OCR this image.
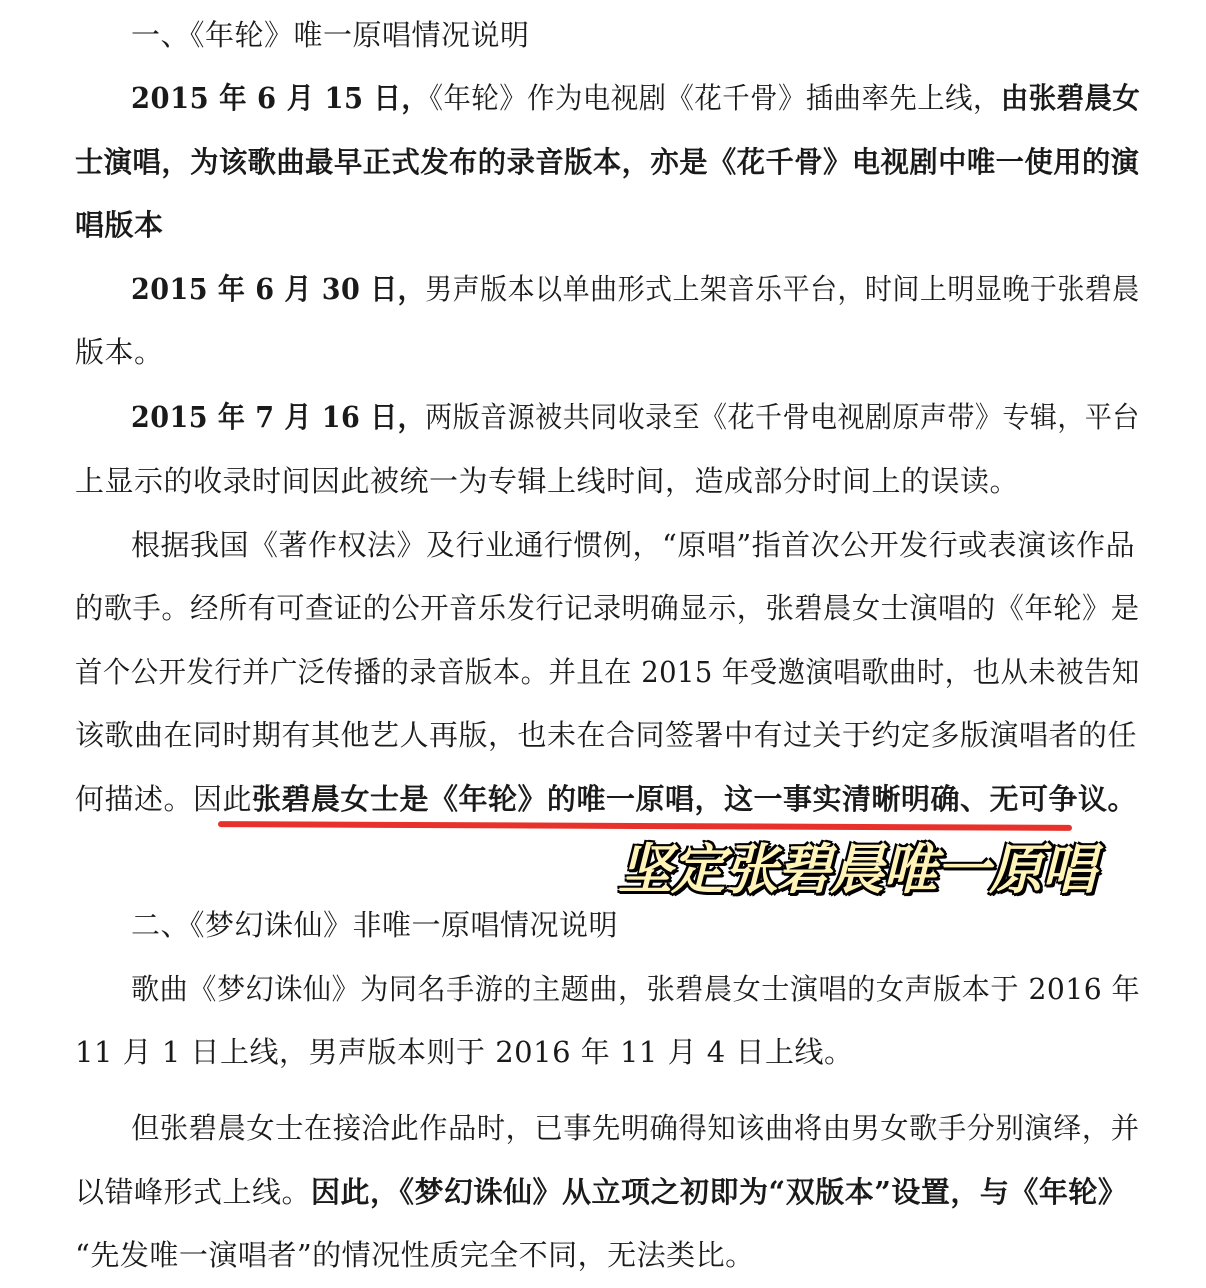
一、《年轮》唯一原唱情况说明

2015 年 6 月 15 日，《年轮》作为电视剧《花千骨》插曲率先上线，由张碧晨女

士演唱，为该歌曲最早正式发布的录音版本，亦是《花千骨》电视剧中唯一使用的演

唱版本

2015 年 6 月 30 日，男声版本以单曲形式上架音乐平台，时间上明显晚于张碧晨

版本。

2015 年 7 月 16 日，两版音源被共同收录至《花千骨电视剧原声带》专辑，平台

上显示的收录时间因此被统一为专辑上线时间，造成部分时间上的误读。

根据我国《著作权法》及行业通行惯例，“原唱”指首次公开发行或表演该作品

的歌手。经所有可查证的公开音乐发行记录明确显示，张碧晨女士演唱的《年轮》是

首个公开发行并广泛传播的录音版本。并且在 2015 年受邀演唱歌曲时，也从未被告知

该歌曲在同时期有其他艺人再版，也未在合同签署中有过关于约定多版演唱者的任

何描述。因此张碧晨女士是《年轮》的唯一原唱，这一事实清晰明确、无可争议。

坚定张碧晨唯一原唱

二、《梦幻诛仙》非唯一原唱情况说明

歌曲《梦幻诛仙》为同名手游的主题曲，张碧晨女士演唱的女声版本于 2016 年

11 月 1 日上线，男声版本则于 2016 年 11 月 4 日上线。

但张碧晨女士在接洽此作品时，已事先明确得知该曲将由男女歌手分别演绎，并

以错峰形式上线。因此，《梦幻诛仙》从立项之初即为“双版本”设置，与《年轮》

“先发唯一演唱者”的情况性质完全不同，无法类比。
